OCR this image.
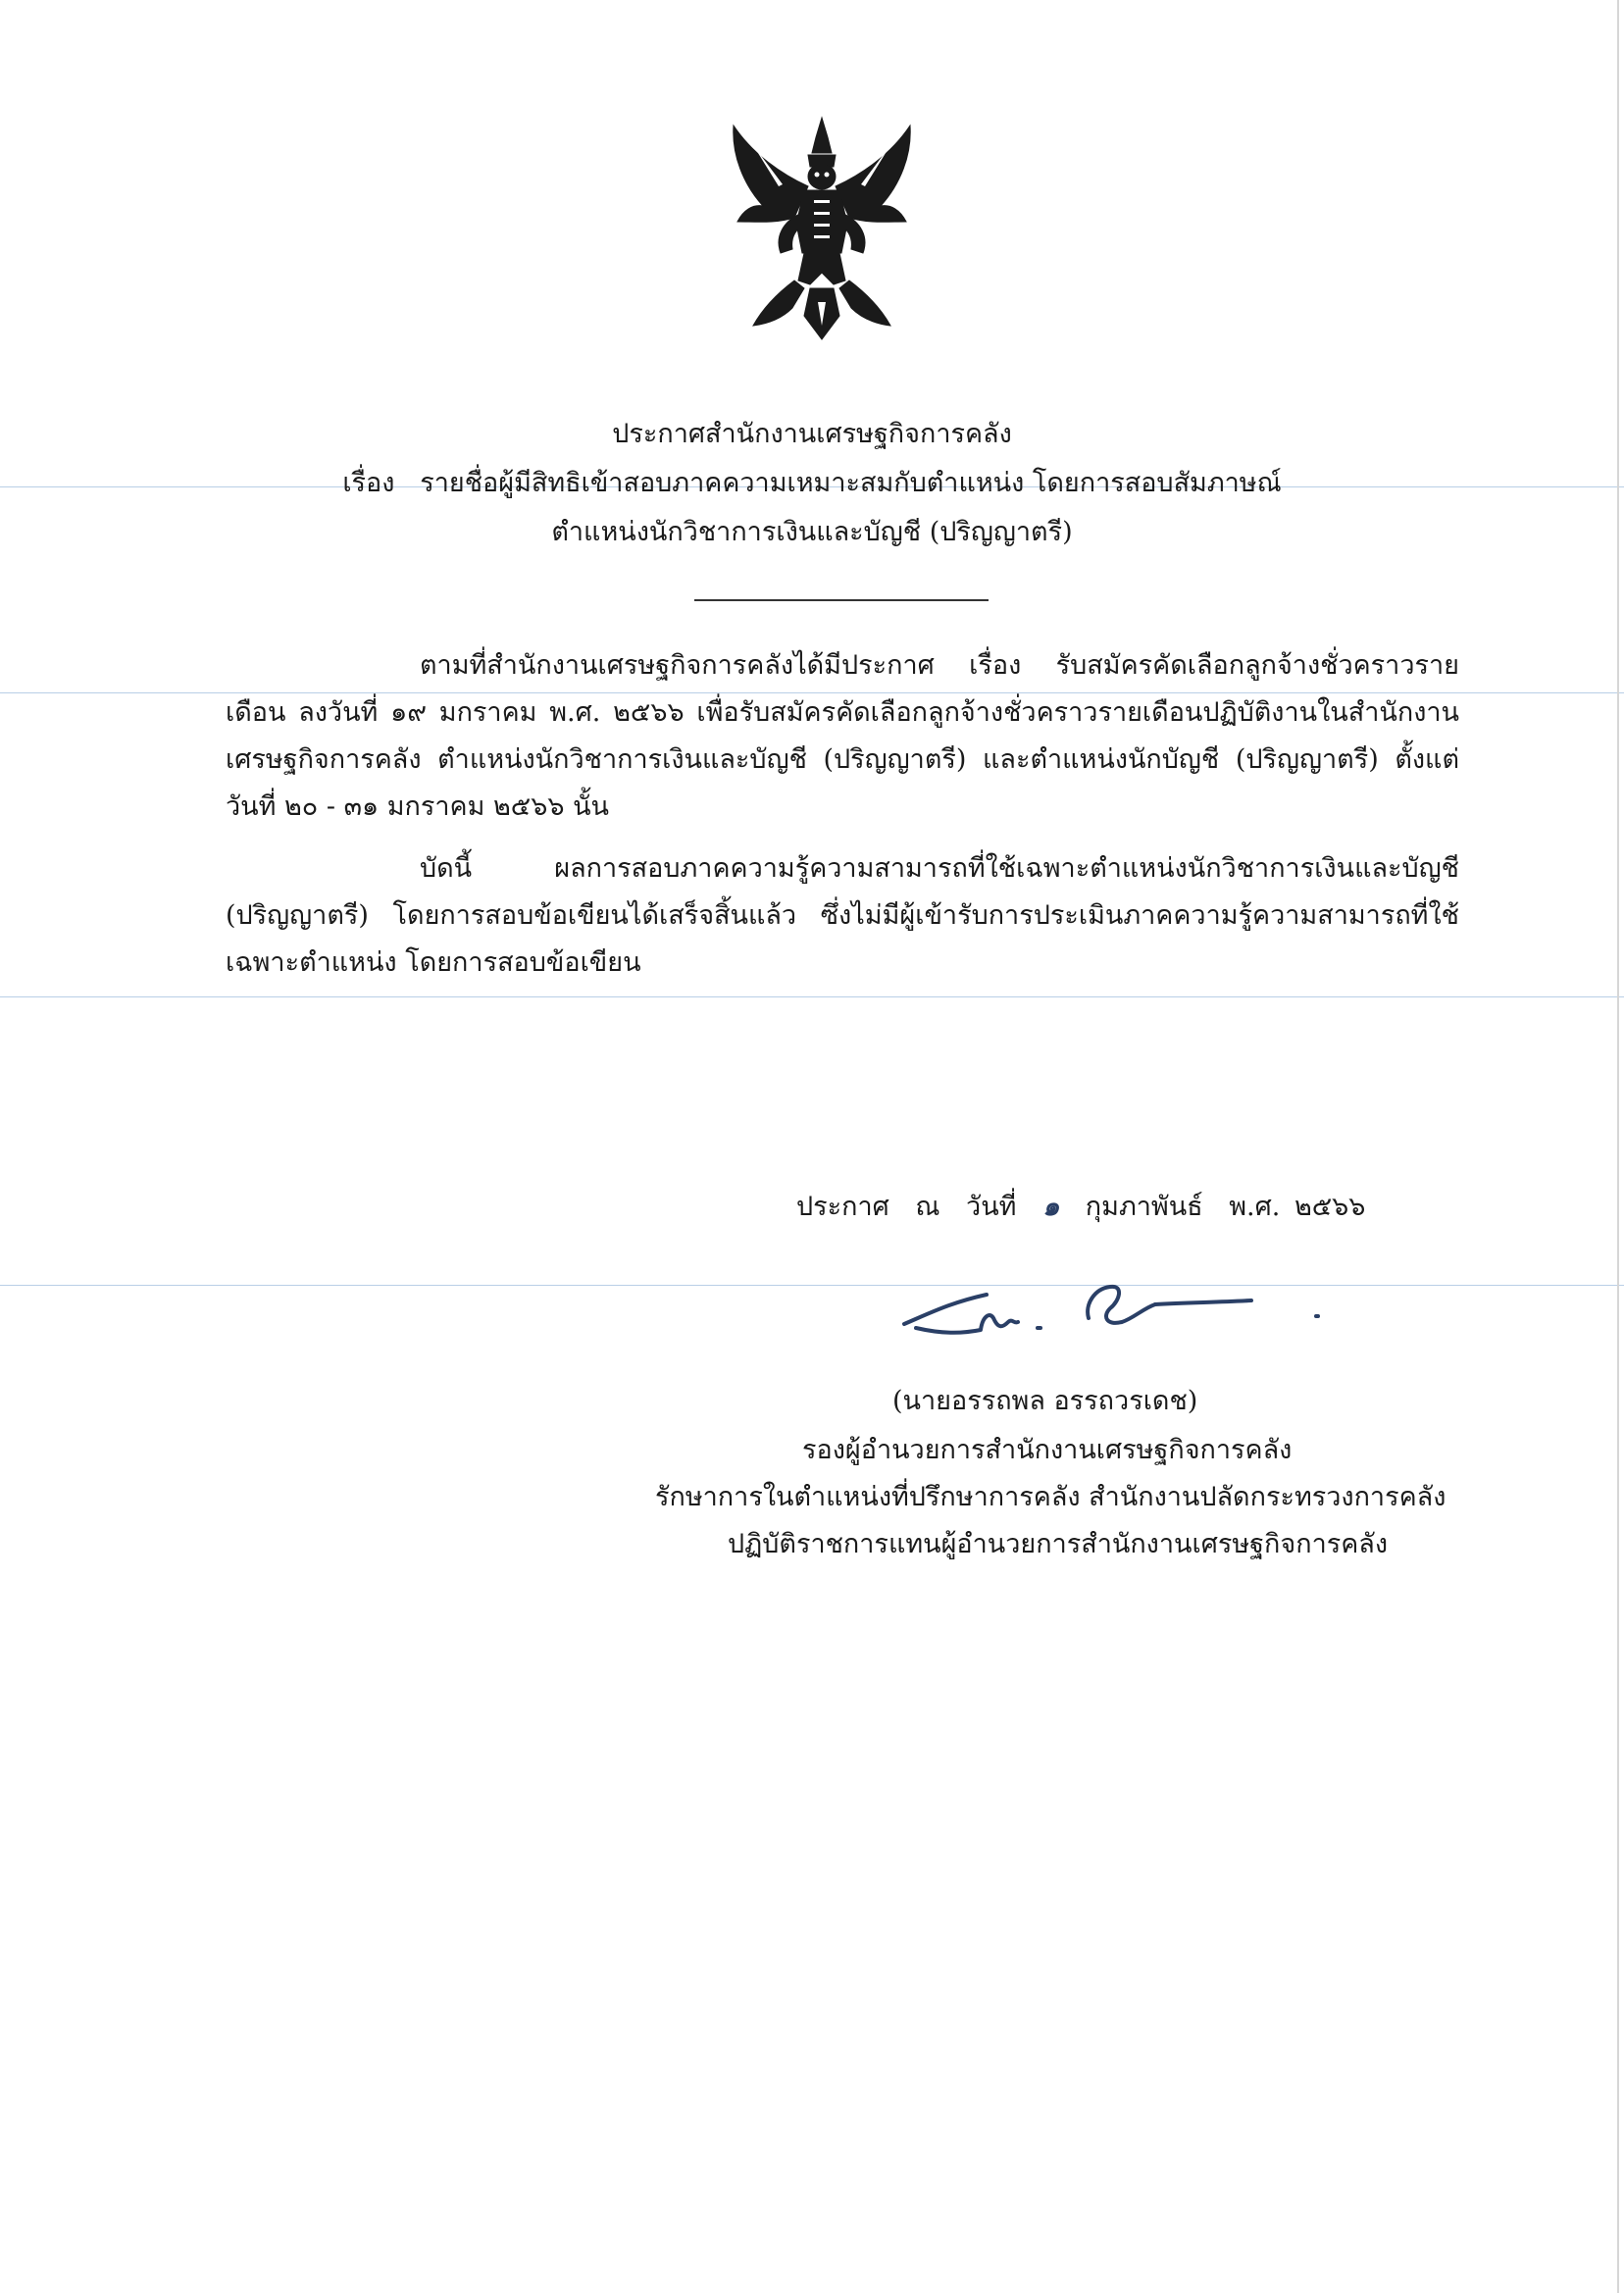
ประกาศสำนักงานเศรษฐกิจการคลัง
เรื่อง รายชื่อผู้มีสิทธิเข้าสอบภาคความเหมาะสมกับตำแหน่ง โดยการสอบสัมภาษณ์
ตำแหน่งนักวิชาการเงินและบัญชี (ปริญญาตรี)

ตามที่สำนักงานเศรษฐกิจการคลังได้มีประกาศ เรื่อง รับสมัครคัดเลือกลูกจ้างชั่วคราวรายเดือน ลงวันที่ ๑๙ มกราคม พ.ศ. ๒๕๖๖ เพื่อรับสมัครคัดเลือกลูกจ้างชั่วคราวรายเดือนปฏิบัติงานในสำนักงานเศรษฐกิจการคลัง ตำแหน่งนักวิชาการเงินและบัญชี (ปริญญาตรี) และตำแหน่งนักบัญชี (ปริญญาตรี) ตั้งแต่ วันที่ ๒๐ - ๓๑ มกราคม ๒๕๖๖ นั้น

บัดนี้ ผลการสอบภาคความรู้ความสามารถที่ใช้เฉพาะตำแหน่งนักวิชาการเงินและบัญชี (ปริญญาตรี) โดยการสอบข้อเขียนได้เสร็จสิ้นแล้ว ซึ่งไม่มีผู้เข้ารับการประเมินภาคความรู้ความสามารถที่ใช้เฉพาะตำแหน่ง โดยการสอบข้อเขียน

ประกาศ ณ วันที่ ๑ กุมภาพันธ์ พ.ศ. ๒๕๖๖
(นายอรรถพล อรรถวรเดช)
รองผู้อำนวยการสำนักงานเศรษฐกิจการคลัง
รักษาการในตำแหน่งที่ปรึกษาการคลัง สำนักงานปลัดกระทรวงการคลัง
ปฏิบัติราชการแทนผู้อำนวยการสำนักงานเศรษฐกิจการคลัง
